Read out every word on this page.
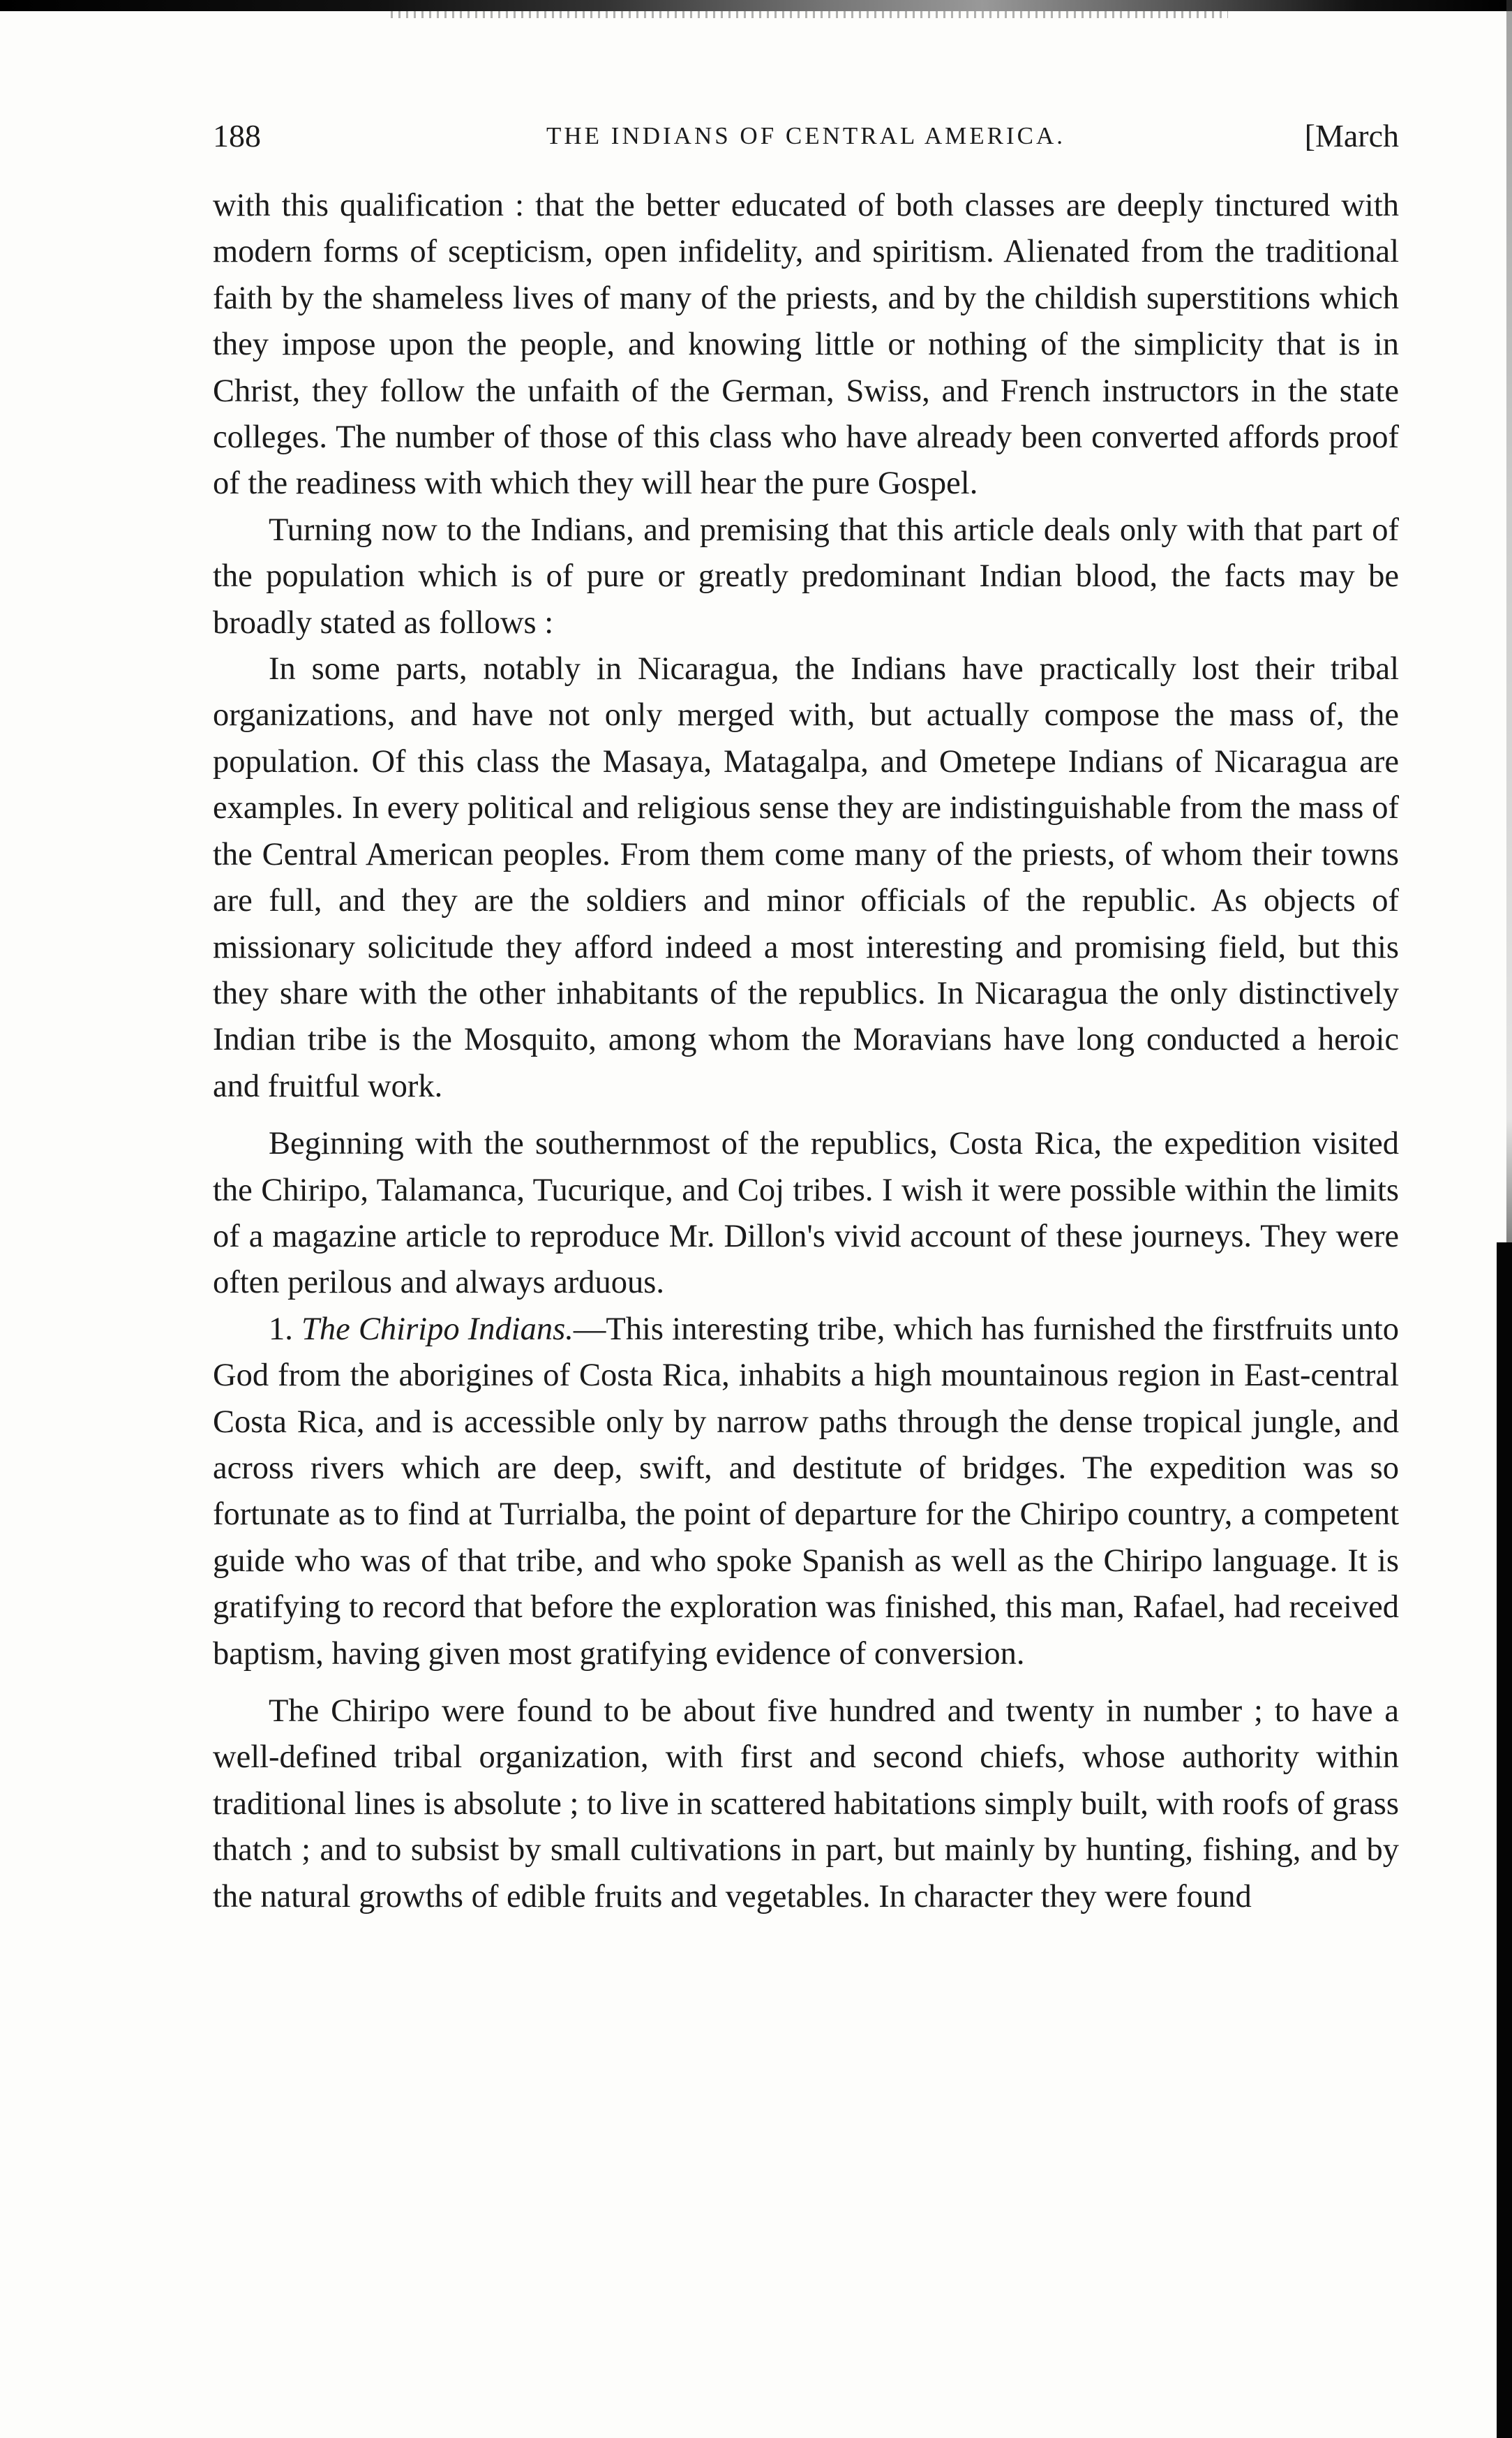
188	THE INDIANS OF CENTRAL AMERICA.	[March

with this qualification : that the better educated of both classes are deeply tinctured with modern forms of scepticism, open infidelity, and spiritism. Alienated from the traditional faith by the shameless lives of many of the priests, and by the childish superstitions which they impose upon the people, and knowing little or nothing of the simplicity that is in Christ, they follow the unfaith of the German, Swiss, and French instructors in the state colleges. The number of those of this class who have already been converted affords proof of the readiness with which they will hear the pure Gospel.

Turning now to the Indians, and premising that this article deals only with that part of the population which is of pure or greatly predominant Indian blood, the facts may be broadly stated as follows :

In some parts, notably in Nicaragua, the Indians have practically lost their tribal organizations, and have not only merged with, but actually compose the mass of, the population. Of this class the Masaya, Matagalpa, and Ometepe Indians of Nicaragua are examples. In every political and religious sense they are indistinguishable from the mass of the Central American peoples. From them come many of the priests, of whom their towns are full, and they are the soldiers and minor officials of the republic. As objects of missionary solicitude they afford indeed a most interesting and promising field, but this they share with the other inhabitants of the republics. In Nicaragua the only distinctively Indian tribe is the Mosquito, among whom the Moravians have long conducted a heroic and fruitful work.

Beginning with the southernmost of the republics, Costa Rica, the expedition visited the Chiripo, Talamanca, Tucurique, and Coj tribes. I wish it were possible within the limits of a magazine article to reproduce Mr. Dillon's vivid account of these journeys. They were often perilous and always arduous.

1. The Chiripo Indians.—This interesting tribe, which has furnished the firstfruits unto God from the aborigines of Costa Rica, inhabits a high mountainous region in East-central Costa Rica, and is accessible only by narrow paths through the dense tropical jungle, and across rivers which are deep, swift, and destitute of bridges. The expedition was so fortunate as to find at Turrialba, the point of departure for the Chiripo country, a competent guide who was of that tribe, and who spoke Spanish as well as the Chiripo language. It is gratifying to record that before the exploration was finished, this man, Rafael, had received baptism, having given most gratifying evidence of conversion.

The Chiripo were found to be about five hundred and twenty in number ; to have a well-defined tribal organization, with first and second chiefs, whose authority within traditional lines is absolute ; to live in scattered habitations simply built, with roofs of grass thatch ; and to subsist by small cultivations in part, but mainly by hunting, fishing, and by the natural growths of edible fruits and vegetables. In character they were found
